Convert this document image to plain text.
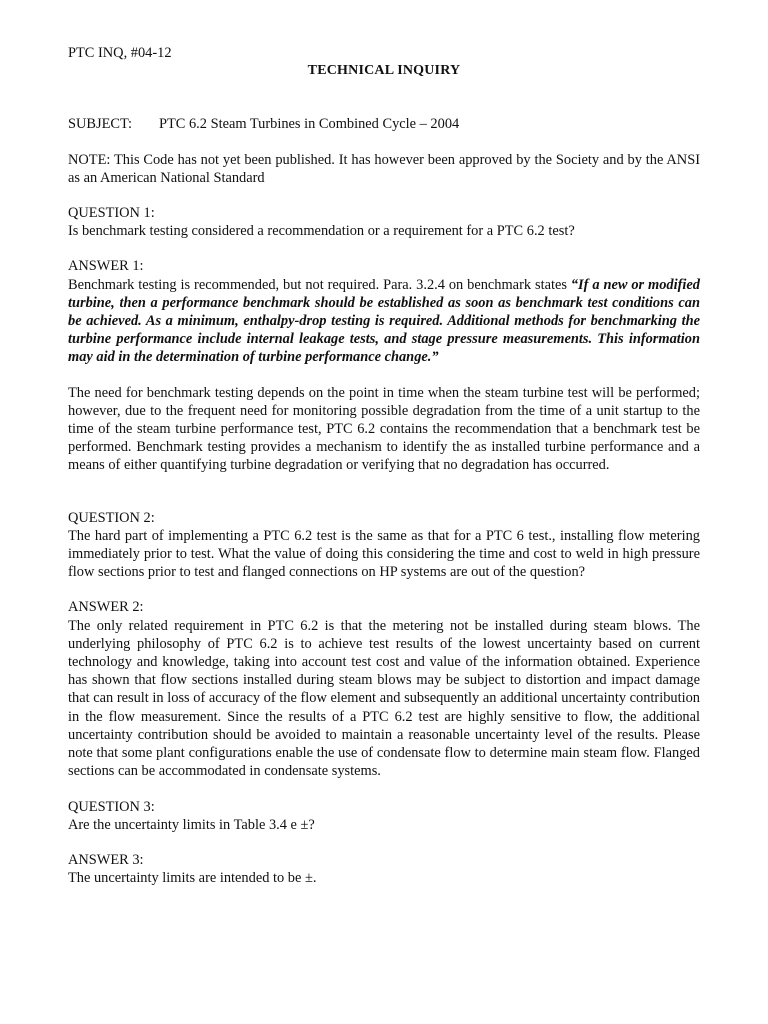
PTC INQ, #04-12

TECHNICAL INQUIRY

SUBJECT: PTC 6.2 Steam Turbines in Combined Cycle – 2004

NOTE: This Code has not yet been published. It has however been approved by the Society and by the ANSI as an American National Standard

QUESTION 1:

Is benchmark testing considered a recommendation or a requirement for a PTC 6.2 test?

ANSWER 1:

Benchmark testing is recommended, but not required. Para. 3.2.4 on benchmark states “If a new or modified turbine, then a performance benchmark should be established as soon as benchmark test conditions can be achieved. As a minimum, enthalpy-drop testing is required. Additional methods for benchmarking the turbine performance include internal leakage tests, and stage pressure measurements. This information may aid in the determination of turbine performance change.”

The need for benchmark testing depends on the point in time when the steam turbine test will be performed; however, due to the frequent need for monitoring possible degradation from the time of a unit startup to the time of the steam turbine performance test, PTC 6.2 contains the recommendation that a benchmark test be performed. Benchmark testing provides a mechanism to identify the as installed turbine performance and a means of either quantifying turbine degradation or verifying that no degradation has occurred.

QUESTION 2:

The hard part of implementing a PTC 6.2 test is the same as that for a PTC 6 test., installing flow metering immediately prior to test. What the value of doing this considering the time and cost to weld in high pressure flow sections prior to test and flanged connections on HP systems are out of the question?

ANSWER 2:

The only related requirement in PTC 6.2 is that the metering not be installed during steam blows. The underlying philosophy of PTC 6.2 is to achieve test results of the lowest uncertainty based on current technology and knowledge, taking into account test cost and value of the information obtained. Experience has shown that flow sections installed during steam blows may be subject to distortion and impact damage that can result in loss of accuracy of the flow element and subsequently an additional uncertainty contribution in the flow measurement. Since the results of a PTC 6.2 test are highly sensitive to flow, the additional uncertainty contribution should be avoided to maintain a reasonable uncertainty level of the results. Please note that some plant configurations enable the use of condensate flow to determine main steam flow. Flanged sections can be accommodated in condensate systems.

QUESTION 3:

Are the uncertainty limits in Table 3.4 e ±?

ANSWER 3:

The uncertainty limits are intended to be ±.
